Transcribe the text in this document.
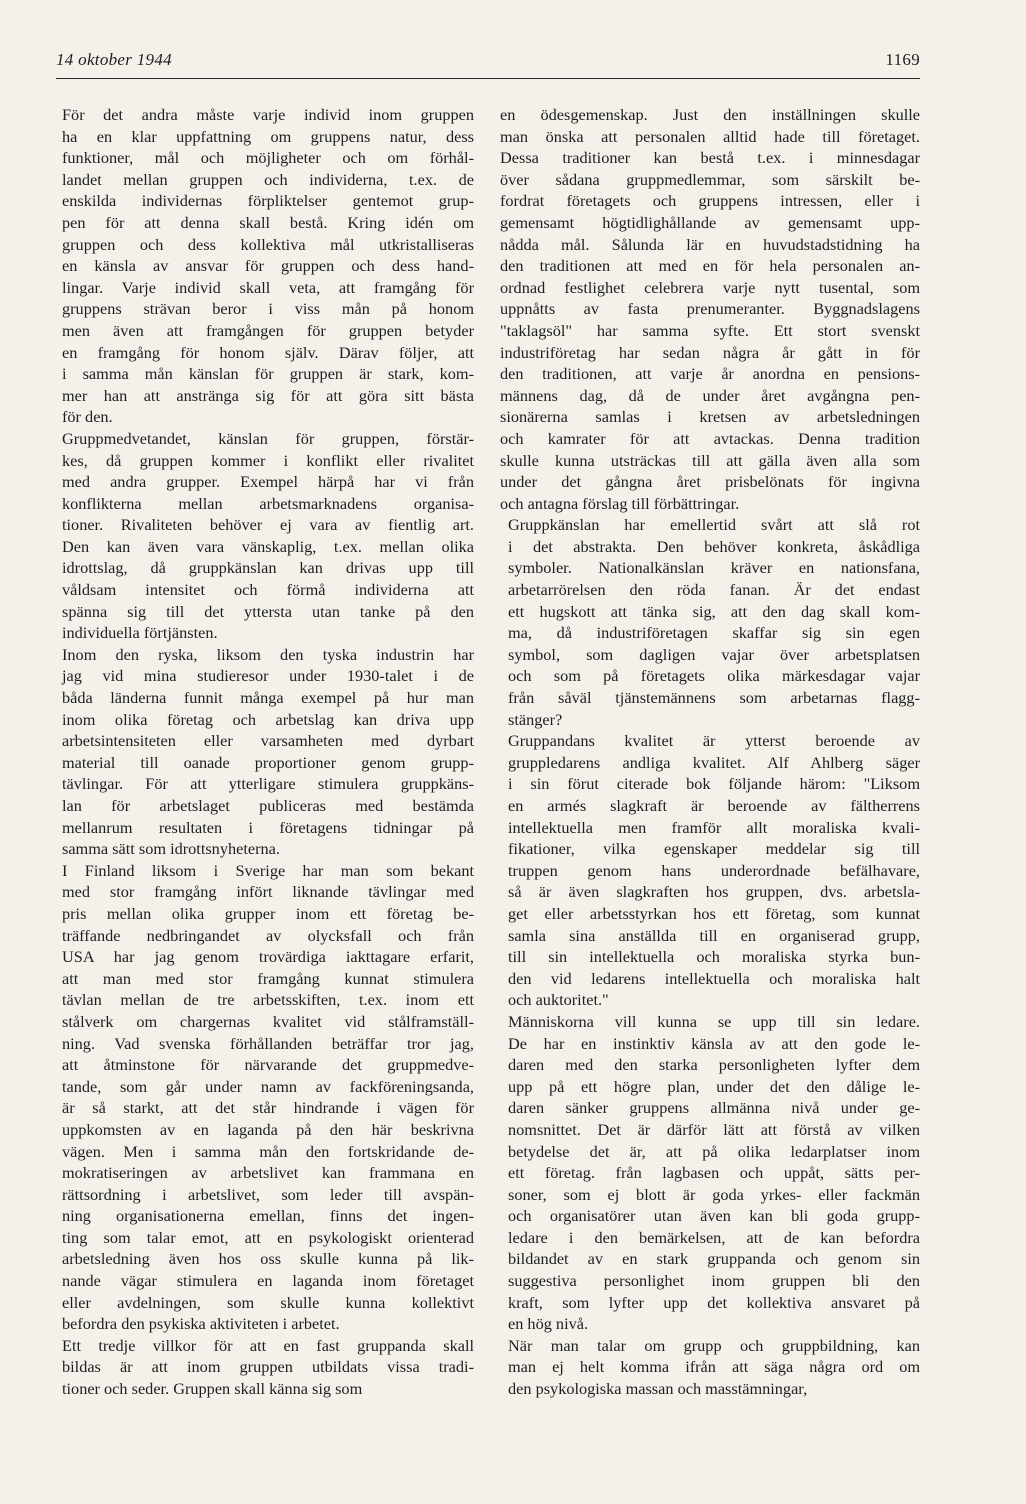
14 oktober 1944	1169

För det andra måste varje individ inom gruppen
ha en klar uppfattning om gruppens natur, dess
funktioner, mål och möjligheter och om förhål-
landet mellan gruppen och individerna, t.ex. de
enskilda individernas förpliktelser gentemot grup-
pen för att denna skall bestå. Kring idén om
gruppen och dess kollektiva mål utkristalliseras
en känsla av ansvar för gruppen och dess hand-
lingar. Varje individ skall veta, att framgång för
gruppens strävan beror i viss mån på honom
men även att framgången för gruppen betyder
en framgång för honom själv. Därav följer, att
i samma mån känslan för gruppen är stark, kom-
mer han att anstränga sig för att göra sitt bästa
för den.

Gruppmedvetandet, känslan för gruppen, förstär-
kes, då gruppen kommer i konflikt eller rivalitet
med andra grupper. Exempel härpå har vi från
konflikterna mellan arbetsmarknadens organisa-
tioner. Rivaliteten behöver ej vara av fientlig art.
Den kan även vara vänskaplig, t.ex. mellan olika
idrottslag, då gruppkänslan kan drivas upp till
våldsam intensitet och förmå individerna att
spänna sig till det yttersta utan tanke på den
individuella förtjänsten.

Inom den ryska, liksom den tyska industrin har
jag vid mina studieresor under 1930-talet i de
båda länderna funnit många exempel på hur man
inom olika företag och arbetslag kan driva upp
arbetsintensiteten eller varsamheten med dyrbart
material till oanade proportioner genom grupp-
tävlingar. För att ytterligare stimulera gruppkäns-
lan för arbetslaget publiceras med bestämda
mellanrum resultaten i företagens tidningar på
samma sätt som idrottsnyheterna.

I Finland liksom i Sverige har man som bekant
med stor framgång infört liknande tävlingar med
pris mellan olika grupper inom ett företag be-
träffande nedbringandet av olycksfall och från
USA har jag genom trovärdiga iakttagare erfarit,
att man med stor framgång kunnat stimulera
tävlan mellan de tre arbetsskiften, t.ex. inom ett
stålverk om chargernas kvalitet vid stålframställ-
ning. Vad svenska förhållanden beträffar tror jag,
att åtminstone för närvarande det gruppmedve-
tande, som går under namn av fackföreningsanda,
är så starkt, att det står hindrande i vägen för
uppkomsten av en laganda på den här beskrivna
vägen. Men i samma mån den fortskridande de-
mokratiseringen av arbetslivet kan frammana en
rättsordning i arbetslivet, som leder till avspän-
ning organisationerna emellan, finns det ingen-
ting som talar emot, att en psykologiskt orienterad
arbetsledning även hos oss skulle kunna på lik-
nande vägar stimulera en laganda inom företaget
eller avdelningen, som skulle kunna kollektivt
befordra den psykiska aktiviteten i arbetet.

Ett tredje villkor för att en fast gruppanda skall
bildas är att inom gruppen utbildats vissa tradi-
tioner och seder. Gruppen skall känna sig som

en ödesgemenskap. Just den inställningen skulle
man önska att personalen alltid hade till företaget.
Dessa traditioner kan bestå t.ex. i minnesdagar
över sådana gruppmedlemmar, som särskilt be-
fordrat företagets och gruppens intressen, eller i
gemensamt högtidlighållande av gemensamt upp-
nådda mål. Sålunda lär en huvudstadstidning ha
den traditionen att med en för hela personalen an-
ordnad festlighet celebrera varje nytt tusental, som
uppnåtts av fasta prenumeranter. Byggnadslagens
"taklagsöl" har samma syfte. Ett stort svenskt
industriföretag har sedan några år gått in för
den traditionen, att varje år anordna en pensions-
männens dag, då de under året avgångna pen-
sionärerna samlas i kretsen av arbetsledningen
och kamrater för att avtackas. Denna tradition
skulle kunna utsträckas till att gälla även alla som
under det gångna året prisbelönats för ingivna
och antagna förslag till förbättringar.

Gruppkänslan har emellertid svårt att slå rot
i det abstrakta. Den behöver konkreta, åskådliga
symboler. Nationalkänslan kräver en nationsfana,
arbetarrörelsen den röda fanan. Är det endast
ett hugskott att tänka sig, att den dag skall kom-
ma, då industriföretagen skaffar sig sin egen
symbol, som dagligen vajar över arbetsplatsen
och som på företagets olika märkesdagar vajar
från såväl tjänstemännens som arbetarnas flagg-
stänger?

Gruppandans kvalitet är ytterst beroende av
gruppledarens andliga kvalitet. Alf Ahlberg säger
i sin förut citerade bok följande härom: "Liksom
en armés slagkraft är beroende av fältherrens
intellektuella men framför allt moraliska kvali-
fikationer, vilka egenskaper meddelar sig till
truppen genom hans underordnade befälhavare,
så är även slagkraften hos gruppen, dvs. arbetsla-
get eller arbetsstyrkan hos ett företag, som kunnat
samla sina anställda till en organiserad grupp,
till sin intellektuella och moraliska styrka bun-
den vid ledarens intellektuella och moraliska halt
och auktoritet."

Människorna vill kunna se upp till sin ledare.
De har en instinktiv känsla av att den gode le-
daren med den starka personligheten lyfter dem
upp på ett högre plan, under det den dålige le-
daren sänker gruppens allmänna nivå under ge-
nomsnittet. Det är därför lätt att förstå av vilken
betydelse det är, att på olika ledarplatser inom
ett företag. från lagbasen och uppåt, sätts per-
soner, som ej blott är goda yrkes- eller fackmän
och organisatörer utan även kan bli goda grupp-
ledare i den bemärkelsen, att de kan befordra
bildandet av en stark gruppanda och genom sin
suggestiva personlighet inom gruppen bli den
kraft, som lyfter upp det kollektiva ansvaret på
en hög nivå.

När man talar om grupp och gruppbildning, kan
man ej helt komma ifrån att säga några ord om
den psykologiska massan och masstämningar,
